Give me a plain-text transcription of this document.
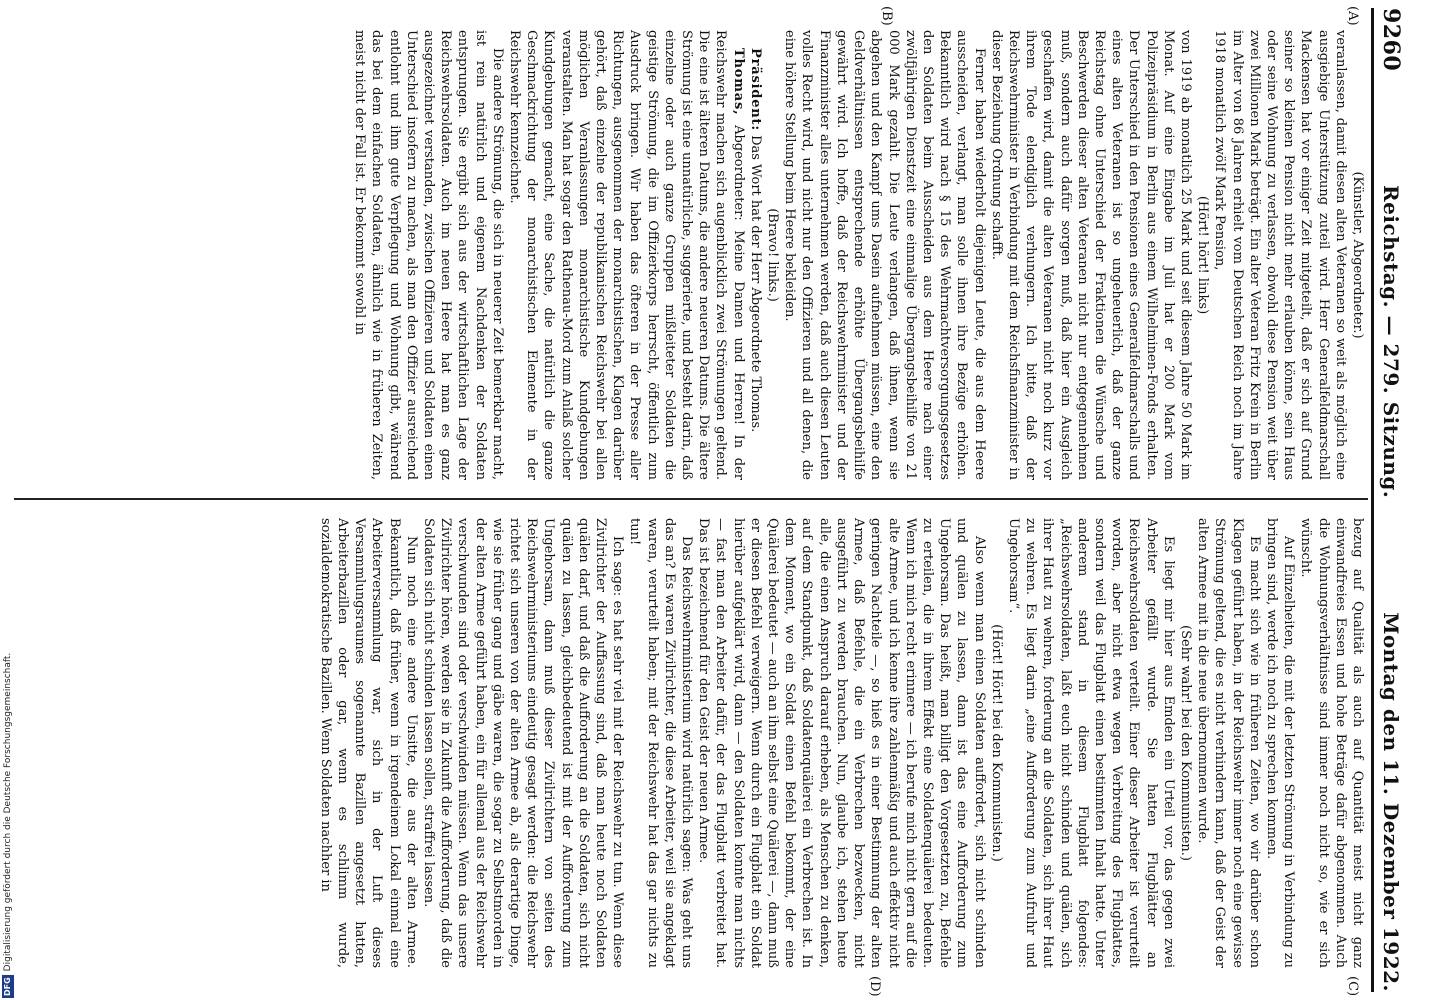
9260
Reichstag. — 279. Sitzung.
Montag den 11. Dezember 1922.
(A)
(B)
(C)
(D)

(Künstler, Abgeordneter.)

veranlassen, damit diesen alten Veteranen so weit als möglich eine ausgiebige Unterstützung zuteil wird. Herr Generalfeldmarschall Mackensen hat vor einiger Zeit mitgeteilt, daß er sich auf Grund seiner so kleinen Pension nicht mehr erlauben könne, sein Haus oder seine Wohnung zu verlassen, obwohl diese Pension weit über zwei Millionen Mark beträgt. Ein alter Veteran Fritz Krein in Berlin im Alter von 86 Jahren erhielt vom Deutschen Reich noch im Jahre 1918 monatlich zwölf Mark Pension,

(Hört! hört! links)

von 1919 ab monatlich 25 Mark und seit diesem Jahre 50 Mark im Monat. Auf eine Eingabe im Juli hat er 200 Mark vom Polizeipräsidium in Berlin aus einem Wilhelminen-Fonds erhalten. Der Unterschied in den Pensionen eines Generalfeldmarschalls und eines alten Veteranen ist so ungeheuerlich, daß der ganze Reichstag ohne Unterschied der Fraktionen die Wünsche und Beschwerden dieser alten Veteranen nicht nur entgegennehmen muß, sondern auch dafür sorgen muß, daß hier ein Ausgleich geschaffen wird, damit die alten Veteranen nicht noch kurz vor ihrem Tode elendiglich verhungern. Ich bitte, daß der Reichswehrminister in Verbindung mit dem Reichsfinanzminister in dieser Beziehung Ordnung schafft.

Ferner haben wiederholt diejenigen Leute, die aus dem Heere ausscheiden, verlangt, man solle ihnen ihre Bezüge erhöhen. Bekanntlich wird nach § 15 des Wehrmachtversorgungsgesetzes den Soldaten beim Ausscheiden aus dem Heere nach einer zwölfjährigen Dienstzeit eine einmalige Übergangsbeihilfe von 21 000 Mark gezahlt. Die Leute verlangen, daß ihnen, wenn sie abgehen und den Kampf ums Dasein aufnehmen müssen, eine den Geldverhältnissen entsprechende erhöhte Übergangsbeihilfe gewährt wird. Ich hoffe, daß der Reichswehrminister und der Finanzminister alles unternehmen werden, daß auch diesen Leuten volles Recht wird, und nicht nur den Offizieren und all denen, die eine höhere Stellung beim Heere bekleiden.

(Bravo! links.)

Präsident: Das Wort hat der Herr Abgeordnete Thomas.

Thomas, Abgeordneter: Meine Damen und Herren! In der Reichswehr machen sich augenblicklich zwei Strömungen geltend. Die eine ist älteren Datums, die andere neueren Datums. Die ältere Strömung ist eine unnatürliche, suggerierte, und besteht darin, daß einzelne oder auch ganze Gruppen mißleiteter Soldaten die geistige Strömung, die im Offizierkorps herrscht, öffentlich zum Ausdruck bringen. Wir haben das öfteren in der Presse aller Richtungen, ausgenommen der monarchistischen, Klagen darüber gehört, daß einzelne der republikanischen Reichswehr bei allen möglichen Veranlassungen monarchistische Kundgebungen veranstalten. Man hat sogar den Rathenau-Mord zum Anlaß solcher Kundgebungen gemacht, eine Sache, die natürlich die ganze Geschmackrichtung der monarchistischen Elemente in der Reichswehr kennzeichnet.

Die andere Strömung, die sich in neuerer Zeit bemerkbar macht, ist rein natürlich und eigenem Nachdenken der Soldaten entsprungen. Sie ergibt sich aus der wirtschaftlichen Lage der Reichswehrsoldaten. Auch im neuen Heere hat man es ganz ausgezeichnet verstanden, zwischen Offizieren und Soldaten einen Unterschied insofern zu machen, als man den Offizier ausreichend entlohnt und ihm gute Verpflegung und Wohnung gibt, während das bei dem einfachen Soldaten, ähnlich wie in früheren Zeiten, meist nicht der Fall ist. Er bekommt sowohl in

bezug auf Qualität als auch auf Quantität meist nicht ganz einwandfreies Essen und hohe Beträge dafür abgenommen. Auch die Wohnungsverhältnisse sind immer noch nicht so, wie er sich wünscht.

Auf Einzelheiten, die mit der letzten Strömung in Verbindung zu bringen sind, werde ich noch zu sprechen kommen.

Es macht sich wie in früheren Zeiten, wo wir darüber schon Klagen geführt haben, in der Reichswehr immer noch eine gewisse Strömung geltend, die es nicht verhindern kann, daß der Geist der alten Armee mit in die neue übernommen wurde.

(Sehr wahr! bei den Kommunisten.)

Es liegt mir hier aus Emden ein Urteil vor, das gegen zwei Arbeiter gefällt wurde. Sie hatten Flugblätter an Reichswehrsoldaten verteilt. Einer dieser Arbeiter ist verurteilt worden, aber nicht etwa wegen Verbreitung des Flugblattes, sondern weil das Flugblatt einen bestimmten Inhalt hatte. Unter anderem stand in diesem Flugblatt folgendes: „Reichswehrsoldaten, laßt euch nicht schinden und quälen, sich ihrer Haut zu wehren, forderung an die Soldaten, sich ihrer Haut zu wehren. Es liegt darin „eine Aufforderung zum Aufruhr und Ungehorsam“.

(Hört! Hört! bei den Kommunisten.)

Also wenn man einen Soldaten auffordert, sich nicht schinden und quälen zu lassen, dann ist das eine Aufforderung zum Ungehorsam. Das heißt, man billigt den Vorgesetzten zu, Befehle zu erteilen, die in ihrem Effekt eine Soldatenquälerei bedeuten. Wenn ich mich recht erinnere — ich berufe mich nicht gern auf die alte Armee, und ich kenne ihre zahlenmäßig und auch effektiv nicht geringen Nachteile —, so hieß es in einer Bestimmung der alten Armee, daß Befehle, die ein Verbrechen bezwecken, nicht ausgeführt zu werden brauchen. Nun, glaube ich, stehen heute alle, die einen Anspruch darauf erheben, als Menschen zu denken, auf dem Standpunkt, daß Soldatenquälerei ein Verbrechen ist. In dem Moment, wo ein Soldat einen Befehl bekommt, der eine Quälerei bedeutet — auch an ihm selbst eine Quälerei —, dann muß er diesen Befehl verweigern. Wenn durch ein Flugblatt ein Soldat hierüber aufgeklärt wird, dann — den Soldaten konnte man nichts — fast man den Arbeiter dafür, der das Flugblatt verbreitet hat. Das ist bezeichnend für den Geist der neuen Armee.

Das Reichswehrministerium wird natürlich sagen: Was geht uns das an? Es waren Zivilrichter, die diese Arbeiter, weil sie angeklagt waren, verurteilt haben; mit der Reichswehr hat das gar nichts zu tun!

Ich sage: es hat sehr viel mit der Reichswehr zu tun. Wenn diese Zivilrichter der Auffassung sind, daß man heute noch Soldaten quälen darf, und daß die Aufforderung an die Soldaten, sich nicht quälen zu lassen, gleichbedeutend ist mit der Aufforderung zum Ungehorsam, dann muß dieser Zivilrichtern von seiten des Reichswehrministeriums eindeutig gesagt werden: die Reichswehr richtet sich unseren von der alten Armee ab, als derartige Dinge, wie sie früher gang und gäbe waren, die sogar zu Selbstmorden in der alten Armee geführt haben, ein für allemal aus der Reichswehr verschwunden sind oder verschwinden müssen. Wenn das unsere Zivilrichter hören, werden sie in Zukunft die Aufforderung, daß die Soldaten sich nicht schinden lassen sollen, straffrei lassen.

Nun noch eine andere Unsitte, die aus der alten Armee. Bekanntlich, daß früher, wenn in irgendeinem Lokal einmal eine Arbeiterversammlung war, sich in der Luft dieses Versammlungsraumes sogenannte Bazillen angesetzt hatten, Arbeiterbazillen oder gar, wenn es schlimm wurde, sozialdemokratische Bazillen. Wenn Soldaten nachher in

DFGDigitalisierung gefördert durch die Deutsche Forschungsgemeinschaft.
